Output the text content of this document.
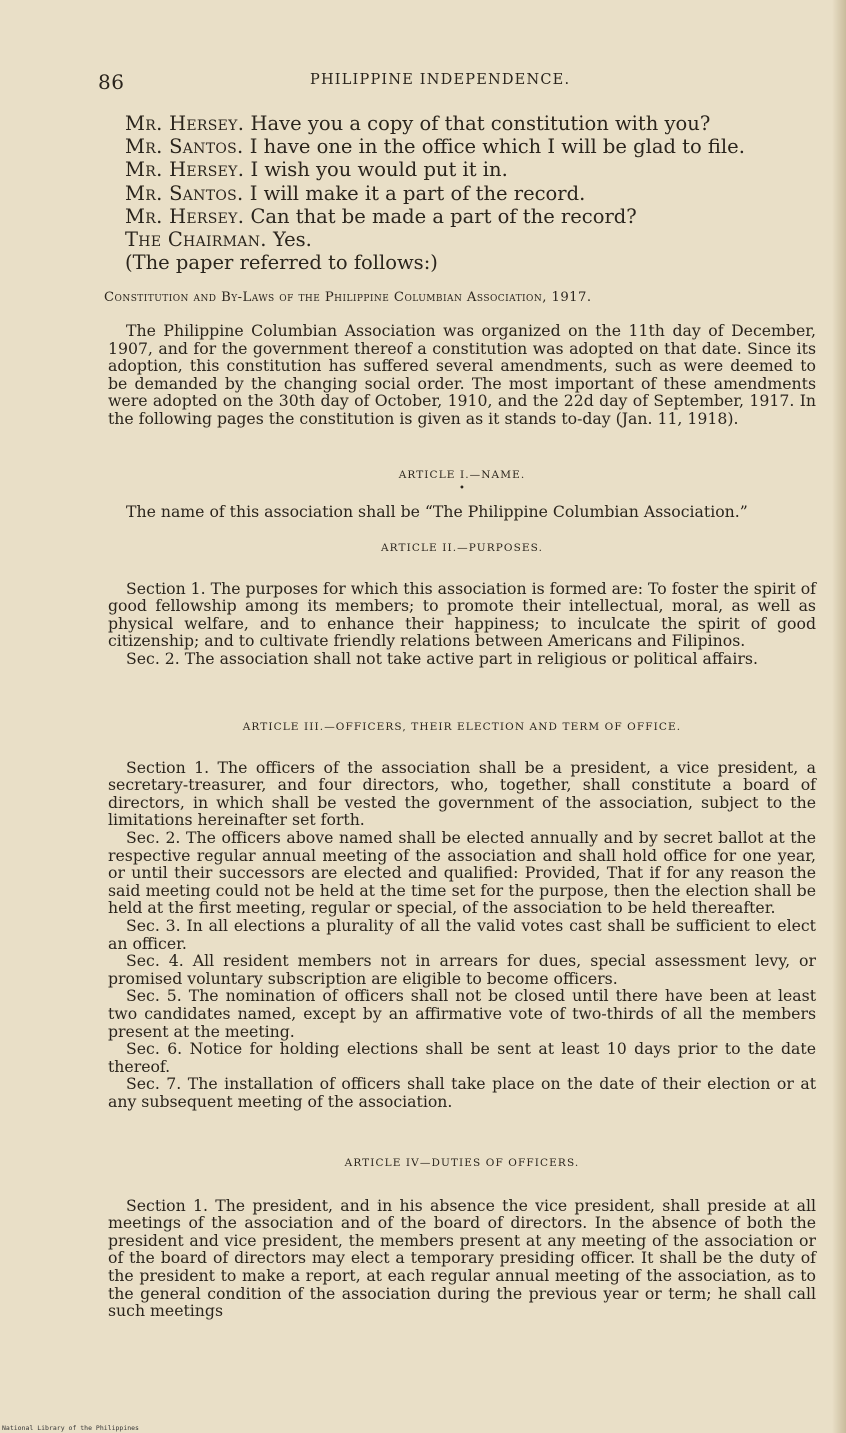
86	PHILIPPINE INDEPENDENCE.

Mr. Hersey. Have you a copy of that constitution with you?

Mr. Santos. I have one in the office which I will be glad to file.

Mr. Hersey. I wish you would put it in.

Mr. Santos. I will make it a part of the record.

Mr. Hersey. Can that be made a part of the record?

The Chairman. Yes.

(The paper referred to follows:)

Constitution and By-Laws of the Philippine Columbian Association, 1917.

The Philippine Columbian Association was organized on the 11th day of December, 1907, and for the government thereof a constitution was adopted on that date. Since its adoption, this constitution has suffered several amendments, such as were deemed to be demanded by the changing social order. The most important of these amendments were adopted on the 30th day of October, 1910, and the 22d day of September, 1917. In the following pages the constitution is given as it stands to-day (Jan. 11, 1918).

ARTICLE I.—NAME.
•

The name of this association shall be “The Philippine Columbian Association.”

ARTICLE II.—PURPOSES.

Section 1. The purposes for which this association is formed are: To foster the spirit of good fellowship among its members; to promote their intellectual, moral, as well as physical welfare, and to enhance their happiness; to inculcate the spirit of good citizenship; and to cultivate friendly relations between Americans and Filipinos.

Sec. 2. The association shall not take active part in religious or political affairs.

ARTICLE III.—OFFICERS, THEIR ELECTION AND TERM OF OFFICE.

Section 1. The officers of the association shall be a president, a vice president, a secretary-treasurer, and four directors, who, together, shall constitute a board of directors, in which shall be vested the government of the association, subject to the limitations hereinafter set forth.

Sec. 2. The officers above named shall be elected annually and by secret ballot at the respective regular annual meeting of the association and shall hold office for one year, or until their successors are elected and qualified: Provided, That if for any reason the said meeting could not be held at the time set for the purpose, then the election shall be held at the first meeting, regular or special, of the association to be held thereafter.

Sec. 3. In all elections a plurality of all the valid votes cast shall be sufficient to elect an officer.

Sec. 4. All resident members not in arrears for dues, special assessment levy, or promised voluntary subscription are eligible to become officers.

Sec. 5. The nomination of officers shall not be closed until there have been at least two candidates named, except by an affirmative vote of two-thirds of all the members present at the meeting.

Sec. 6. Notice for holding elections shall be sent at least 10 days prior to the date thereof.

Sec. 7. The installation of officers shall take place on the date of their election or at any subsequent meeting of the association.

ARTICLE IV—DUTIES OF OFFICERS.

Section 1. The president, and in his absence the vice president, shall preside at all meetings of the association and of the board of directors. In the absence of both the president and vice president, the members present at any meeting of the association or of the board of directors may elect a temporary presiding officer. It shall be the duty of the president to make a report, at each regular annual meeting of the association, as to the general condition of the association during the previous year or term; he shall call such meetings

National Library of the Philippines
